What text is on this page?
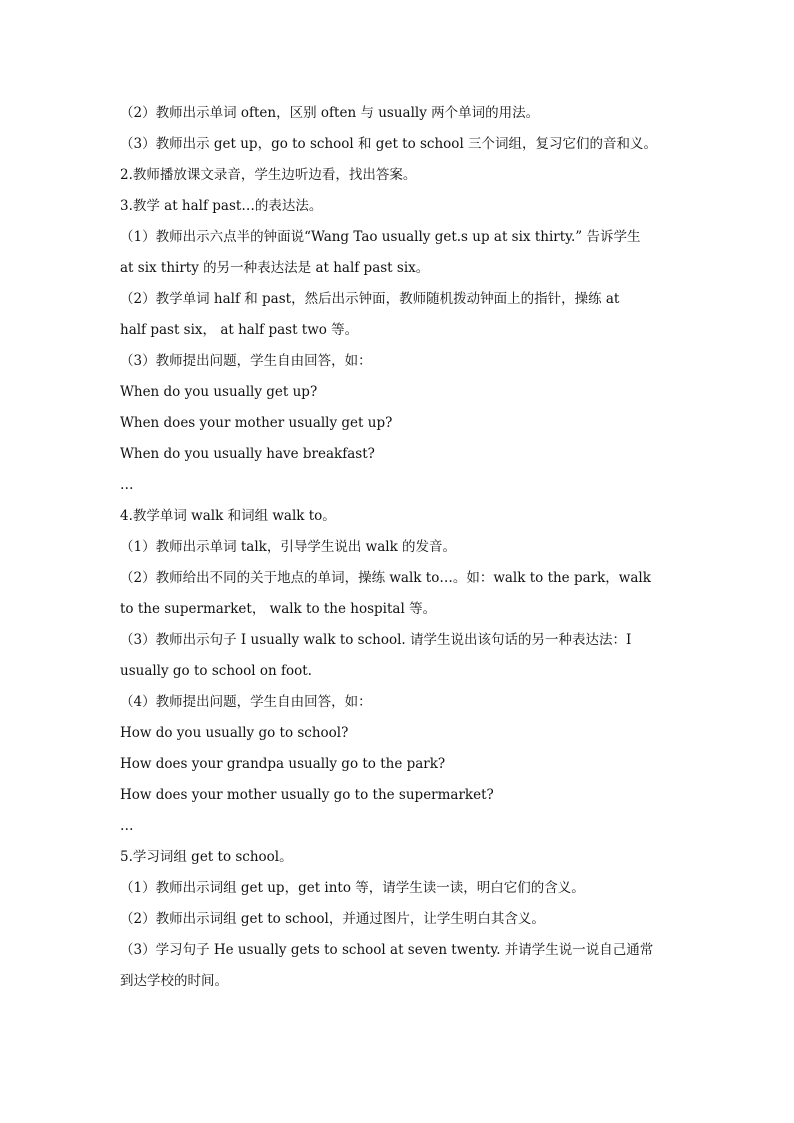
（2）教师出示单词 often，区别 often 与 usually 两个单词的用法。
（3）教师出示 get up，go to school 和 get to school 三个词组，复习它们的音和义。
2.教师播放课文录音，学生边听边看，找出答案。
3.教学 at half past…的表达法。
（1）教师出示六点半的钟面说“Wang Tao usually get.s up at six thirty.” 告诉学生
at six thirty 的另一种表达法是 at half past six。
（2）教学单词 half 和 past，然后出示钟面，教师随机拨动钟面上的指针，操练 at
half past six， at half past two 等。
（3）教师提出问题，学生自由回答，如：
When do you usually get up?
When does your mother usually get up?
When do you usually have breakfast?
…
4.教学单词 walk 和词组 walk to。
（1）教师出示单词 talk，引导学生说出 walk 的发音。
（2）教师给出不同的关于地点的单词，操练 walk to…。如：walk to the park，walk
to the supermarket， walk to the hospital 等。
（3）教师出示句子 I usually walk to school. 请学生说出该句话的另一种表达法：I
usually go to school on foot.
（4）教师提出问题，学生自由回答，如：
How do you usually go to school?
How does your grandpa usually go to the park?
How does your mother usually go to the supermarket?
…
5.学习词组 get to school。
（1）教师出示词组 get up，get into 等，请学生读一读，明白它们的含义。
（2）教师出示词组 get to school，并通过图片，让学生明白其含义。
（3）学习句子 He usually gets to school at seven twenty. 并请学生说一说自己通常
到达学校的时间。
